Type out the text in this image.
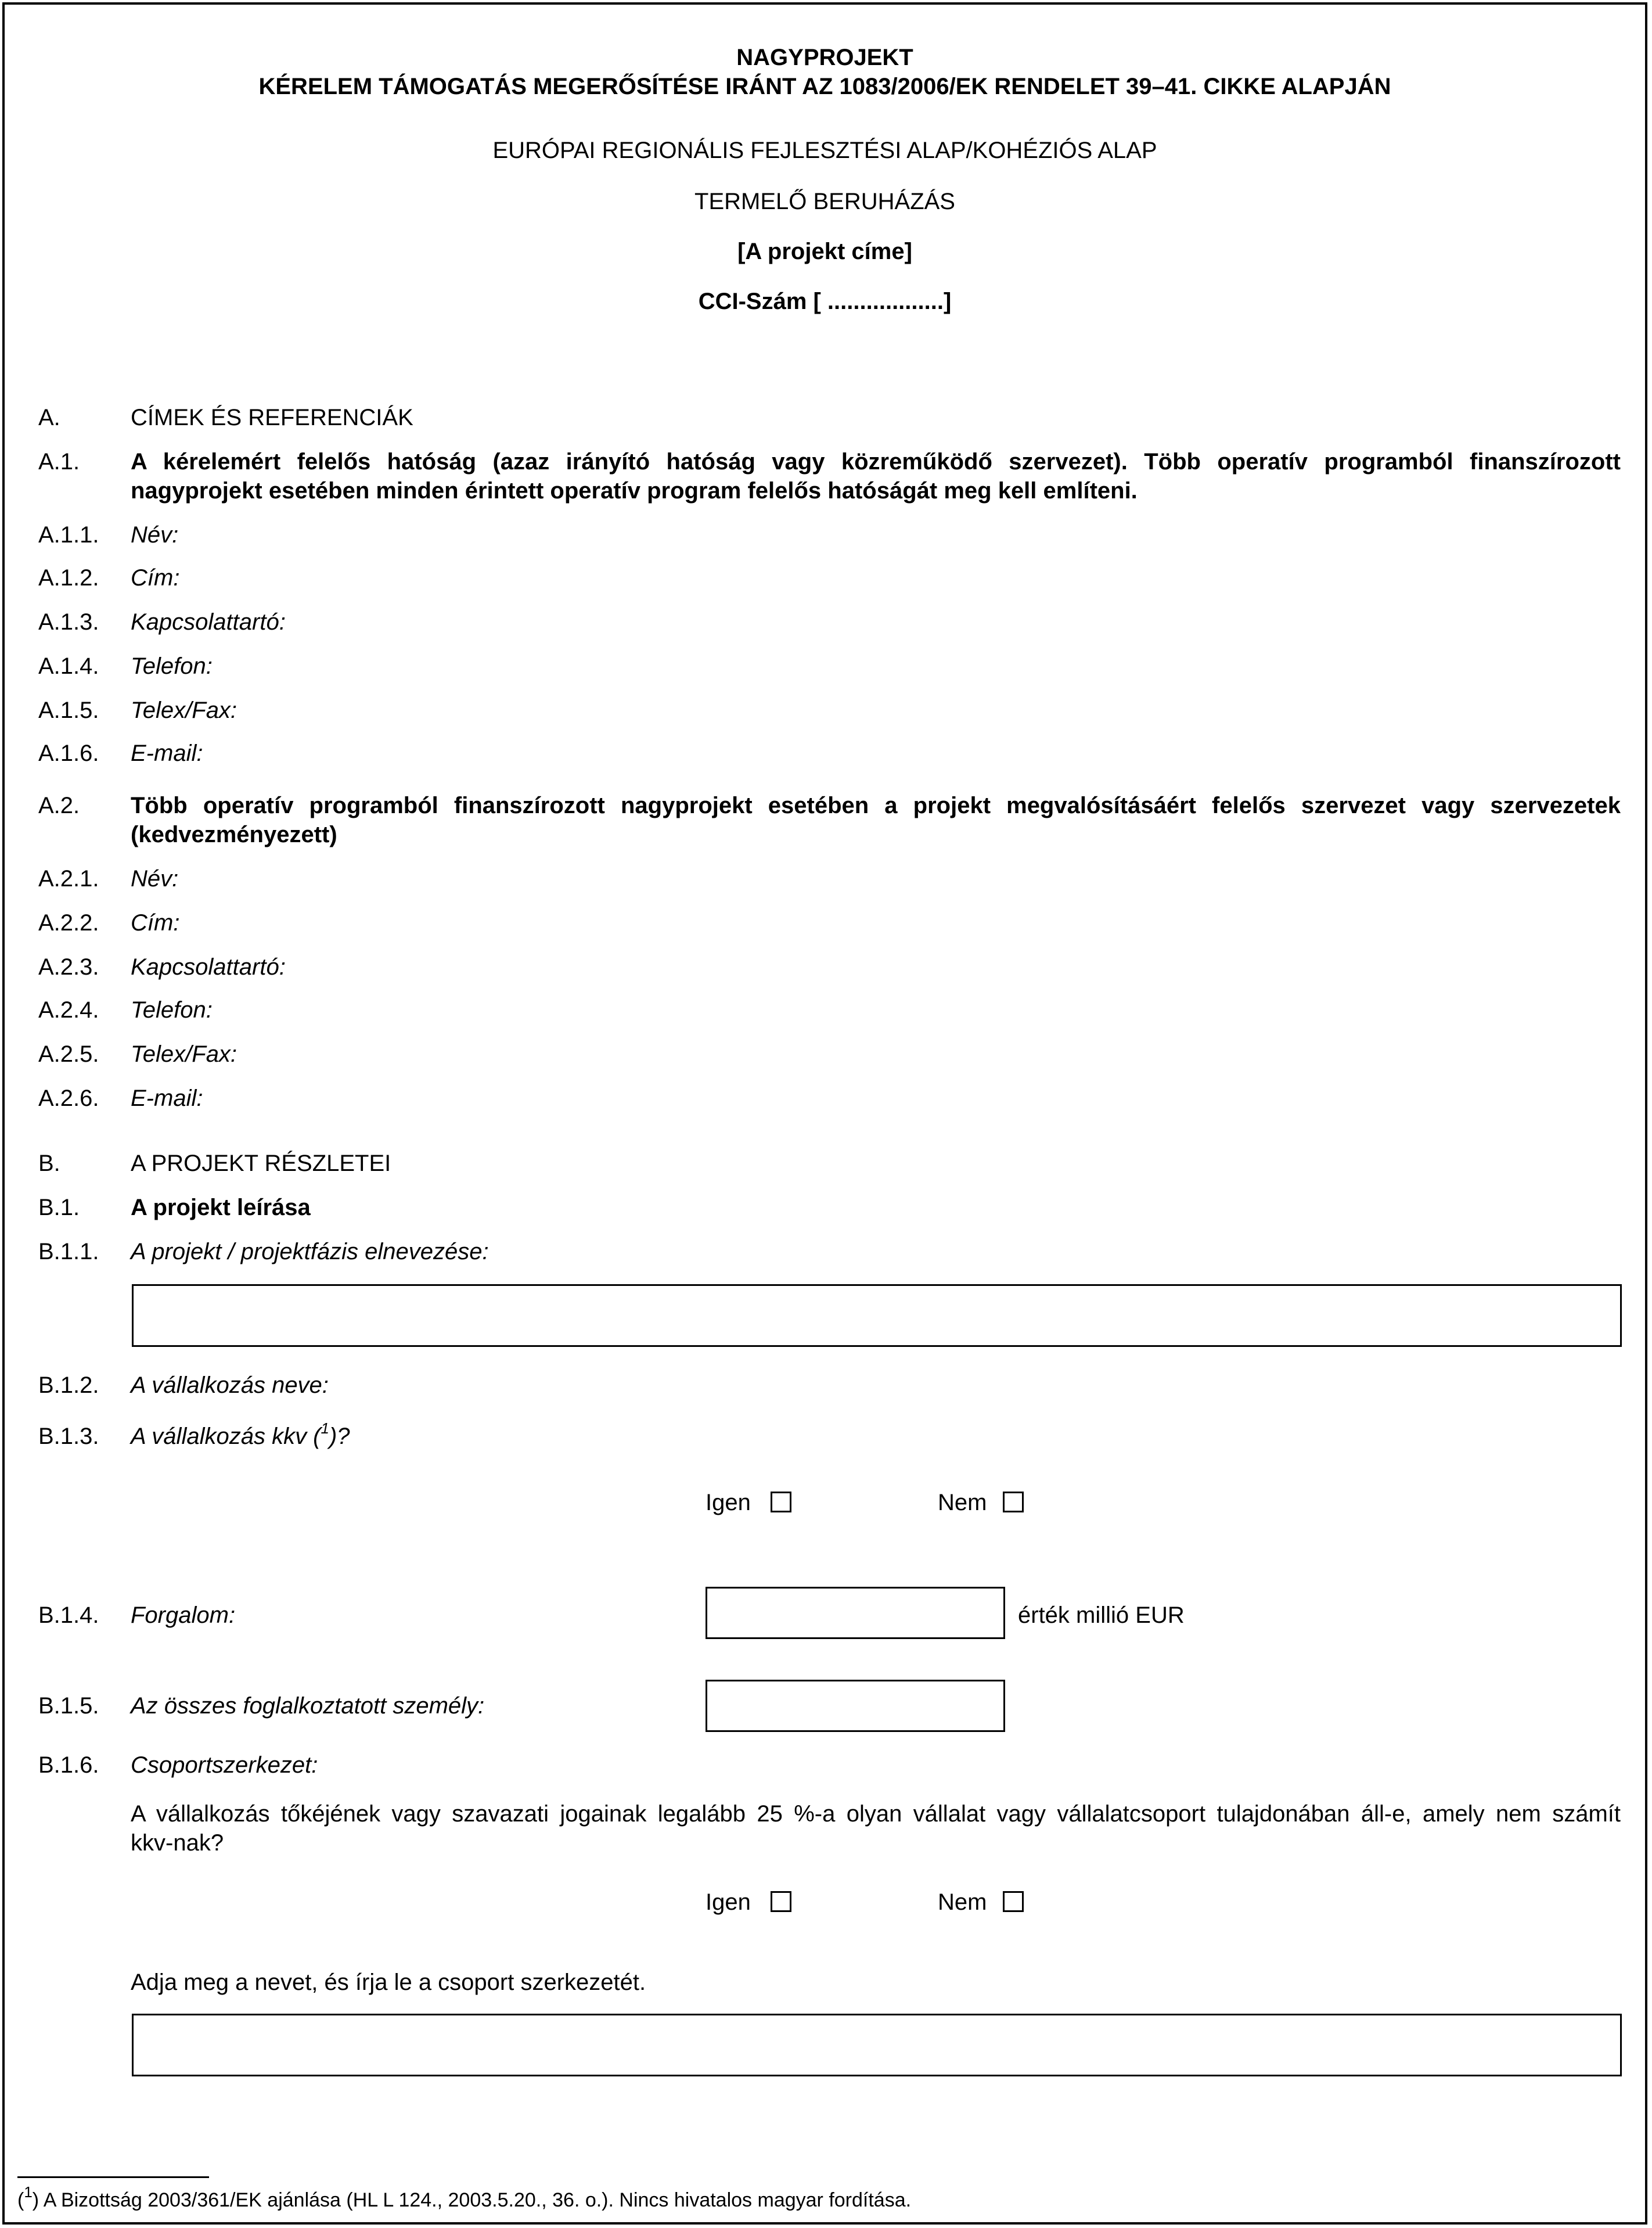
NAGYPROJEKT
KÉRELEM TÁMOGATÁS MEGERŐSÍTÉSE IRÁNT AZ 1083/2006/EK RENDELET 39–41. CIKKE ALAPJÁN
EURÓPAI REGIONÁLIS FEJLESZTÉSI ALAP/KOHÉZIÓS ALAP
TERMELŐ BERUHÁZÁS
[A projekt címe]
CCI-Szám [ ..................]
A.	CÍMEK ÉS REFERENCIÁK
A.1. A kérelemért felelős hatóság (azaz irányító hatóság vagy közreműködő szervezet). Több operatív programból finanszírozott
nagyprojekt esetében minden érintett operatív program felelős hatóságát meg kell említeni.
A.1.1. Név:
A.1.2. Cím:
A.1.3. Kapcsolattartó:
A.1.4. Telefon:
A.1.5. Telex/Fax:
A.1.6. E-mail:
A.2. Több operatív programból finanszírozott nagyprojekt esetében a projekt megvalósításáért felelős szervezet vagy szervezetek
(kedvezményezett)
A.2.1. Név:
A.2.2. Cím:
A.2.3. Kapcsolattartó:
A.2.4. Telefon:
A.2.5. Telex/Fax:
A.2.6. E-mail:
B.	A PROJEKT RÉSZLETEI
B.1. A projekt leírása
B.1.1. A projekt / projektfázis elnevezése:
B.1.2. A vállalkozás neve:
B.1.3. A vállalkozás kkv ($^1$)?
Igen	Nem
B.1.4. Forgalom:	érték millió EUR
B.1.5. Az összes foglalkoztatott személy:
B.1.6. Csoportszerkezet:
A vállalkozás tőkéjének vagy szavazati jogainak legalább 25 %-a olyan vállalat vagy vállalatcsoport tulajdonában áll-e, amely nem számít
kkv-nak?
Igen	Nem
Adja meg a nevet, és írja le a csoport szerkezetét.
($^1$) A Bizottság 2003/361/EK ajánlása (HL L 124., 2003.5.20., 36. o.). Nincs hivatalos magyar fordítása.
